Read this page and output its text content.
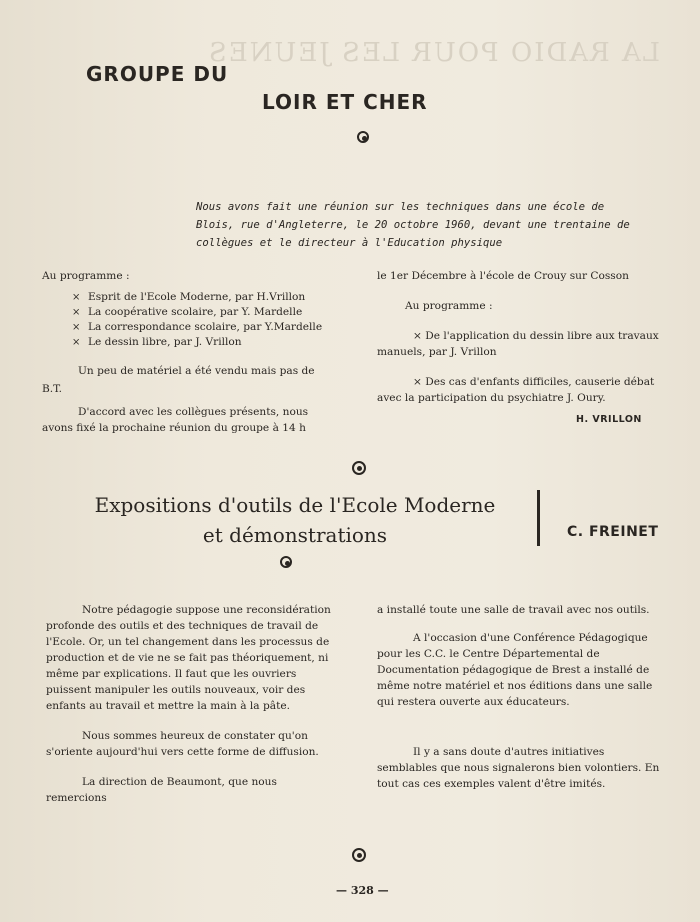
LA RADIO POUR LES JEUNES
GROUPE DU
LOIR ET CHER

Nous avons fait une réunion sur les techniques dans une école de Blois, rue d'Angleterre, le 20 octobre 1960, devant une trentaine de collègues et le directeur à l'Education physique

Au programme :

× Esprit de l'Ecole Moderne, par H.Vrillon
× La coopérative scolaire, par Y. Mardelle
× La correspondance scolaire, par Y.Mardelle
× Le dessin libre, par J. Vrillon

Un peu de matériel a été vendu mais pas de B.T.

D'accord avec les collègues présents, nous avons fixé la prochaine réunion du groupe à 14 h

le 1er Décembre à l'école de Crouy sur Cosson

Au programme :

× De l'application du dessin libre aux travaux manuels, par J. Vrillon

× Des cas d'enfants difficiles, causerie débat avec la participation du psychiatre J. Oury.

H. VRILLON
Expositions d'outils de l'Ecole Moderne
et démonstrations	C. FREINET

Notre pédagogie suppose une reconsidération profonde des outils et des techniques de travail de l'Ecole. Or, un tel changement dans les processus de production et de vie ne se fait pas théoriquement, ni même par explications. Il faut que les ouvriers puissent manipuler les outils nouveaux, voir des enfants au travail et mettre la main à la pâte.

Nous sommes heureux de constater qu'on s'oriente aujourd'hui vers cette forme de diffusion.

La direction de Beaumont, que nous remercions

a installé toute une salle de travail avec nos outils.

A l'occasion d'une Conférence Pédagogique pour les C.C. le Centre Départemental de Documentation pédagogique de Brest a installé de même notre matériel et nos éditions dans une salle qui restera ouverte aux éducateurs.

Il y a sans doute d'autres initiatives semblables que nous signalerons bien volontiers. En tout cas ces exemples valent d'être imités.

— 328 —
